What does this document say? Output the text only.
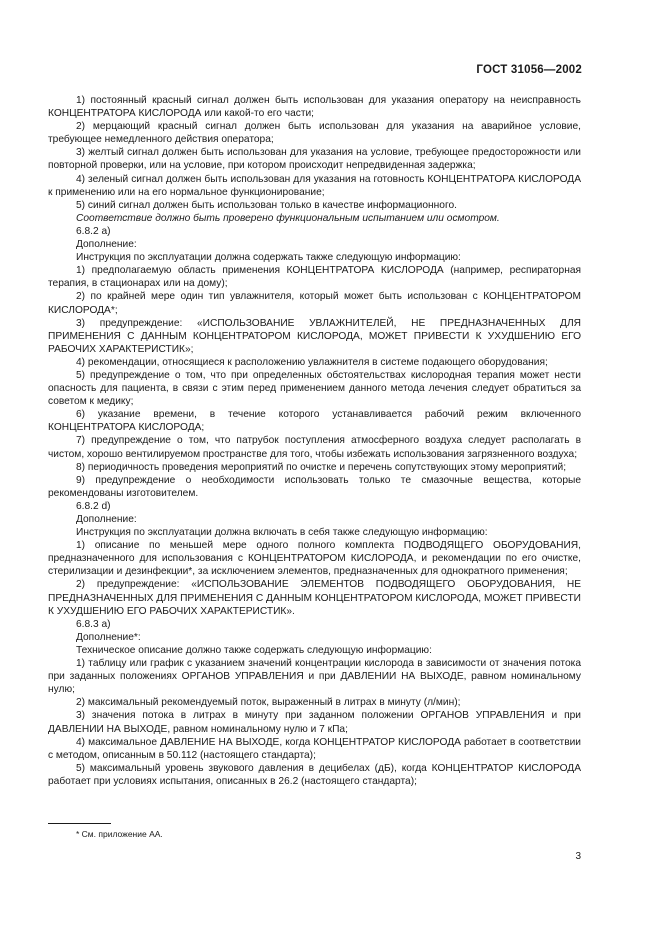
ГОСТ 31056—2002

1) постоянный красный сигнал должен быть использован для указания оператору на неисправность КОНЦЕНТРАТОРА КИСЛОРОДА или какой-то его части;

2) мерцающий красный сигнал должен быть использован для указания на аварийное условие, требующее немедленного действия оператора;

3) желтый сигнал должен быть использован для указания на условие, требующее предосторожности или повторной проверки, или на условие, при котором происходит непредвиденная задержка;

4) зеленый сигнал должен быть использован для указания на готовность КОНЦЕНТРАТОРА КИСЛОРОДА к применению или на его нормальное функционирование;

5) синий сигнал должен быть использован только в качестве информационного.

Соответствие должно быть проверено функциональным испытанием или осмотром.

6.8.2 а)

Дополнение:

Инструкция по эксплуатации должна содержать также следующую информацию:

1) предполагаемую область применения КОНЦЕНТРАТОРА КИСЛОРОДА (например, респираторная терапия, в стационарах или на дому);

2) по крайней мере один тип увлажнителя, который может быть использован с КОНЦЕНТРАТОРОМ КИСЛОРОДА*;

3) предупреждение: «ИСПОЛЬЗОВАНИЕ УВЛАЖНИТЕЛЕЙ, НЕ ПРЕДНАЗНАЧЕННЫХ ДЛЯ ПРИМЕНЕНИЯ С ДАННЫМ КОНЦЕНТРАТОРОМ КИСЛОРОДА, МОЖЕТ ПРИВЕСТИ К УХУДШЕНИЮ ЕГО РАБОЧИХ ХАРАКТЕРИСТИК»;

4) рекомендации, относящиеся к расположению увлажнителя в системе подающего оборудования;

5) предупреждение о том, что при определенных обстоятельствах кислородная терапия может нести опасность для пациента, в связи с этим перед применением данного метода лечения следует обратиться за советом к медику;

6) указание времени, в течение которого устанавливается рабочий режим включенного КОНЦЕНТРАТОРА КИСЛОРОДА;

7) предупреждение о том, что патрубок поступления атмосферного воздуха следует располагать в чистом, хорошо вентилируемом пространстве для того, чтобы избежать использования загрязненного воздуха;

8) периодичность проведения мероприятий по очистке и перечень сопутствующих этому мероприятий;

9) предупреждение о необходимости использовать только те смазочные вещества, которые рекомендованы изготовителем.

6.8.2 d)

Дополнение:

Инструкция по эксплуатации должна включать в себя также следующую информацию:

1) описание по меньшей мере одного полного комплекта ПОДВОДЯЩЕГО ОБОРУДОВАНИЯ, предназначенного для использования с КОНЦЕНТРАТОРОМ КИСЛОРОДА, и рекомендации по его очистке, стерилизации и дезинфекции*, за исключением элементов, предназначенных для однократного применения;

2) предупреждение: «ИСПОЛЬЗОВАНИЕ ЭЛЕМЕНТОВ ПОДВОДЯЩЕГО ОБОРУДОВАНИЯ, НЕ ПРЕДНАЗНАЧЕННЫХ ДЛЯ ПРИМЕНЕНИЯ С ДАННЫМ КОНЦЕНТРАТОРОМ КИСЛОРОДА, МОЖЕТ ПРИВЕСТИ К УХУДШЕНИЮ ЕГО РАБОЧИХ ХАРАКТЕРИСТИК».

6.8.3 а)

Дополнение*:

Техническое описание должно также содержать следующую информацию:

1) таблицу или график с указанием значений концентрации кислорода в зависимости от значения потока при заданных положениях ОРГАНОВ УПРАВЛЕНИЯ и при ДАВЛЕНИИ НА ВЫХОДЕ, равном номинальному нулю;

2) максимальный рекомендуемый поток, выраженный в литрах в минуту (л/мин);

3) значения потока в литрах в минуту при заданном положении ОРГАНОВ УПРАВЛЕНИЯ и при ДАВЛЕНИИ НА ВЫХОДЕ, равном номинальному нулю и 7 кПа;

4) максимальное ДАВЛЕНИЕ НА ВЫХОДЕ, когда КОНЦЕНТРАТОР КИСЛОРОДА работает в соответствии с методом, описанным в 50.112 (настоящего стандарта);

5) максимальный уровень звукового давления в децибелах (дБ), когда КОНЦЕНТРАТОР КИСЛОРОДА работает при условиях испытания, описанных в 26.2 (настоящего стандарта);

* См. приложение АА.
3
